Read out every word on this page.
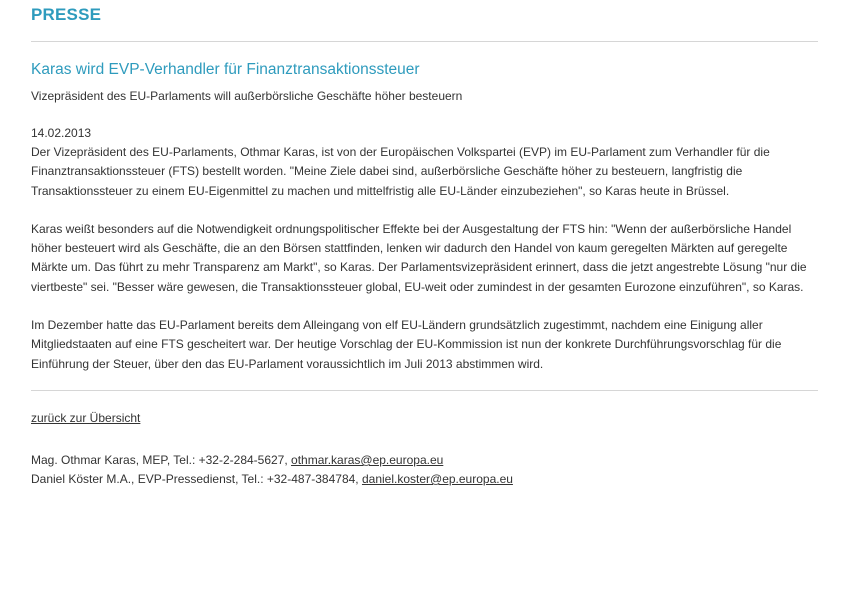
PRESSE
Karas wird EVP-Verhandler für Finanztransaktionssteuer
Vizepräsident des EU-Parlaments will außerbörsliche Geschäfte höher besteuern
14.02.2013

Der Vizepräsident des EU-Parlaments, Othmar Karas, ist von der Europäischen Volkspartei (EVP) im EU-Parlament zum Verhandler für die Finanztransaktionssteuer (FTS) bestellt worden. "Meine Ziele dabei sind, außerbörsliche Geschäfte höher zu besteuern, langfristig die Transaktionssteuer zu einem EU-Eigenmittel zu machen und mittelfristig alle EU-Länder einzubeziehen", so Karas heute in Brüssel.

Karas weißt besonders auf die Notwendigkeit ordnungspolitischer Effekte bei der Ausgestaltung der FTS hin: "Wenn der außerbörsliche Handel höher besteuert wird als Geschäfte, die an den Börsen stattfinden, lenken wir dadurch den Handel von kaum geregelten Märkten auf geregelte Märkte um. Das führt zu mehr Transparenz am Markt", so Karas. Der Parlamentsvizepräsident erinnert, dass die jetzt angestrebte Lösung "nur die viertbeste" sei. "Besser wäre gewesen, die Transaktionssteuer global, EU-weit oder zumindest in der gesamten Eurozone einzuführen", so Karas.

Im Dezember hatte das EU-Parlament bereits dem Alleingang von elf EU-Ländern grundsätzlich zugestimmt, nachdem eine Einigung aller Mitgliedstaaten auf eine FTS gescheitert war. Der heutige Vorschlag der EU-Kommission ist nun der konkrete Durchführungsvorschlag für die Einführung der Steuer, über den das EU-Parlament voraussichtlich im Juli 2013 abstimmen wird.

zurück zur Übersicht
Mag. Othmar Karas, MEP, Tel.: +32-2-284-5627, othmar.karas@ep.europa.eu
Daniel Köster M.A., EVP-Pressedienst, Tel.: +32-487-384784, daniel.koster@ep.europa.eu
